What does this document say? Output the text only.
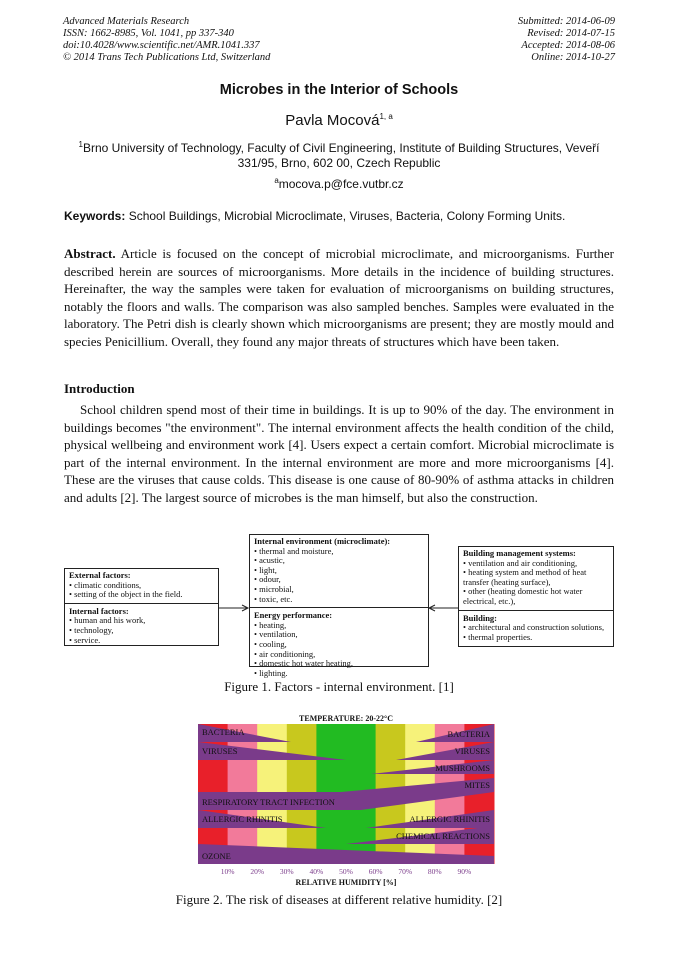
Advanced Materials Research
ISSN: 1662-8985, Vol. 1041, pp 337-340
doi:10.4028/www.scientific.net/AMR.1041.337
© 2014 Trans Tech Publications Ltd, Switzerland
Submitted: 2014-06-09
Revised: 2014-07-15
Accepted: 2014-08-06
Online: 2014-10-27
Microbes in the Interior of Schools
Pavla Mocová$^{1, a}$
$^1$Brno University of Technology, Faculty of Civil Engineering, Institute of Building Structures, Veveří 331/95, Brno, 602 00, Czech Republic
$^a$mocova.p@fce.vutbr.cz
Keywords: School Buildings, Microbial Microclimate, Viruses, Bacteria, Colony Forming Units.
Abstract. Article is focused on the concept of microbial microclimate, and microorganisms. Further described herein are sources of microorganisms. More details in the incidence of building structures. Hereinafter, the way the samples were taken for evaluation of microorganisms on building structures, notably the floors and walls. The comparison was also sampled benches. Samples were evaluated in the laboratory. The Petri dish is clearly shown which microorganisms are present; they are mostly mould and species Penicillium. Overall, they found any major threats of structures which have been taken.
Introduction
School children spend most of their time in buildings. It is up to 90% of the day. The environment in buildings becomes "the environment". The internal environment affects the health condition of the child, physical wellbeing and environment work [4]. Users expect a certain comfort. Microbial microclimate is part of the internal environment. In the internal environment are more and more microorganisms [4]. These are the viruses that cause colds. This disease is one cause of 80-90% of asthma attacks in children and adults [2]. The largest source of microbes is the man himself, but also the construction.
External factors:
• climatic conditions,
• setting of the object in the field.
Internal factors:
• human and his work,
• technology,
• service.
Internal environment (microclimate):
• thermal and moisture,
• acustic,
• light,
• odour,
• microbial,
• toxic, etc.
Energy performance:
• heating,
• ventilation,
• cooling,
• air conditioning,
• domestic hot water heating,
• lighting.
Building management systems:
• ventilation and air conditioning,
• heating system and method of heat transfer (heating surface),
• other (heating domestic hot water electrical, etc.),
Building:
• architectural and construction solutions,
• thermal properties.
Figure 1. Factors - internal environment. [1]
BACTERIA	BACTERIA
VIRUSES	VIRUSES
MUSHROOMS
MITES
RESPIRATORY TRACT INFECTION
ALLERGIC RHINITIS	ALLERGIC RHINITIS
CHEMICAL REACTIONS
OZONE
TEMPERATURE: 20-22°C
10% 20% 30% 40% 50% 60% 70% 80% 90%
RELATIVE HUMIDITY [%]
Figure 2. The risk of diseases at different relative humidity. [2]
